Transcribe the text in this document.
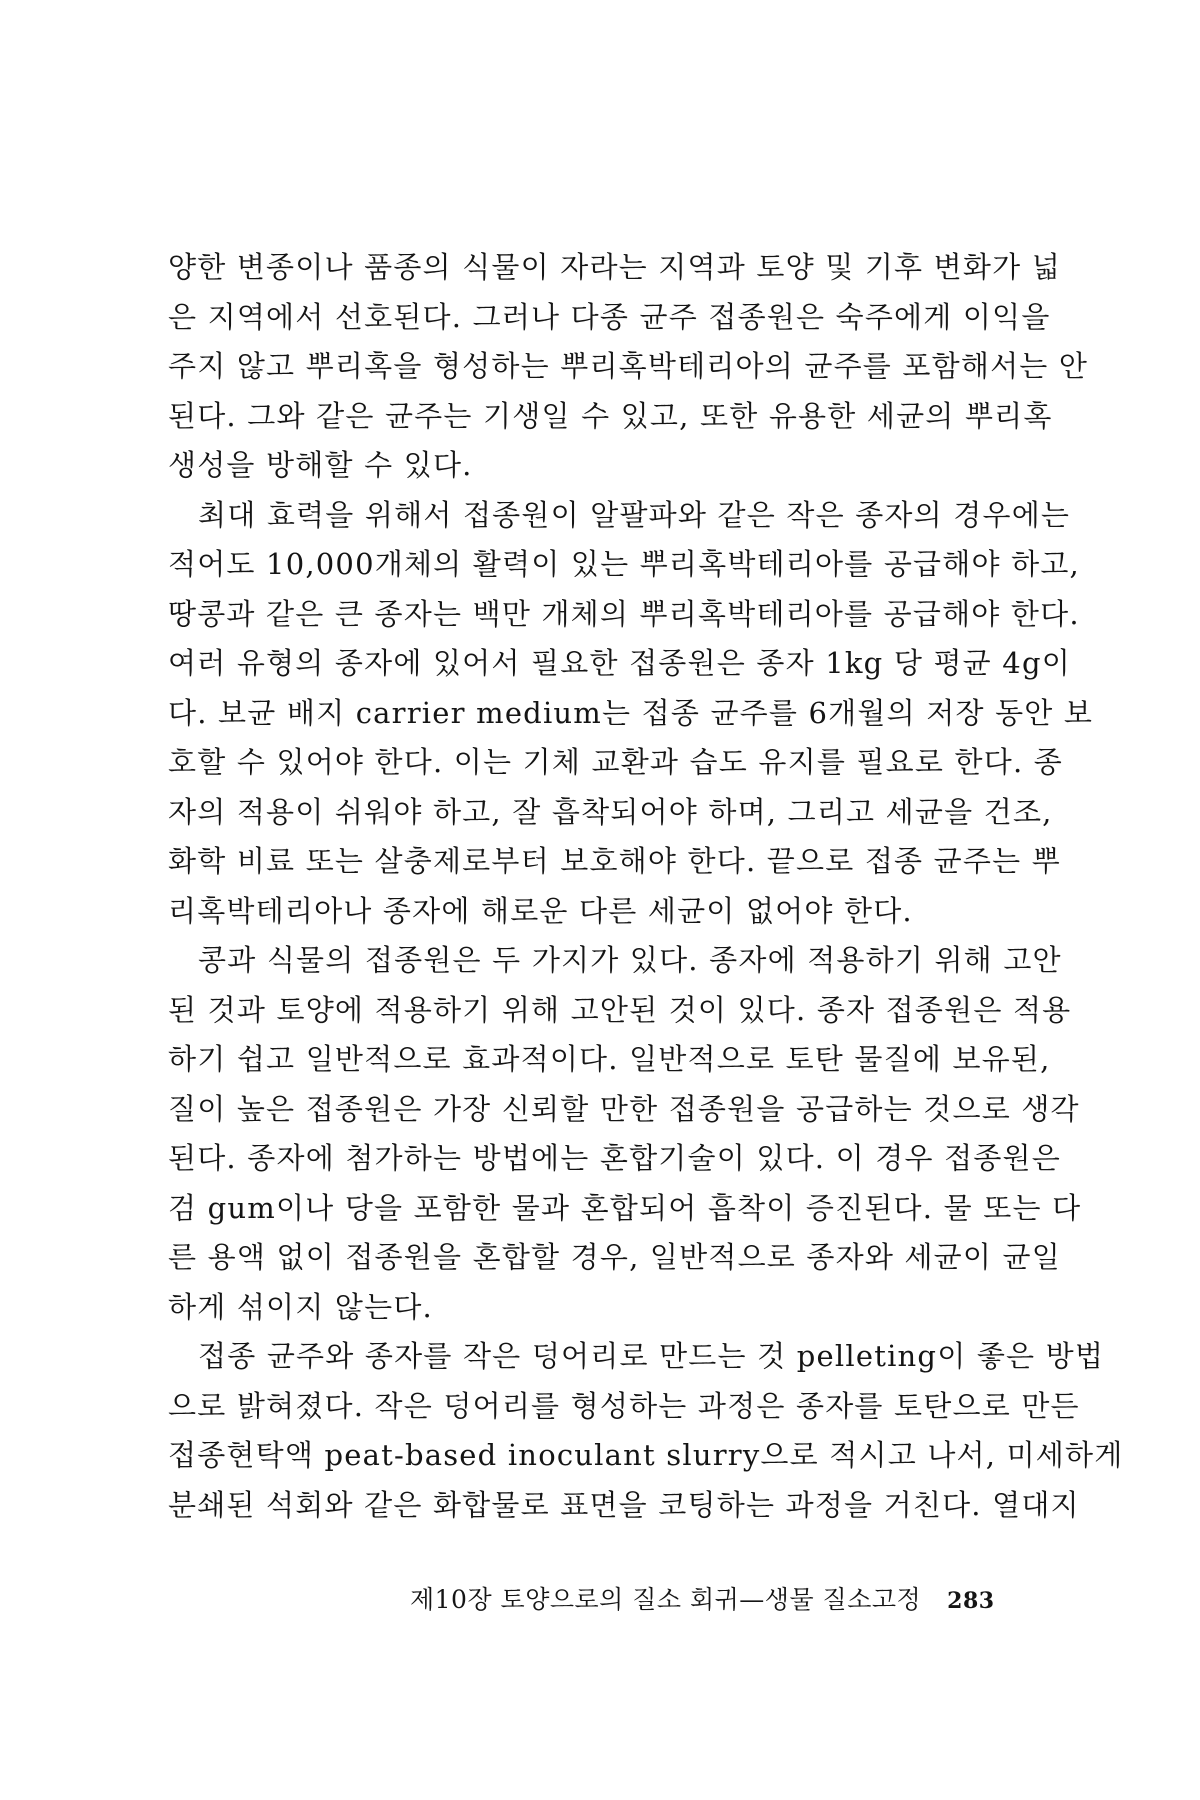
양한 변종이나 품종의 식물이 자라는 지역과 토양 및 기후 변화가 넓
은 지역에서 선호된다. 그러나 다종 균주 접종원은 숙주에게 이익을
주지 않고 뿌리혹을 형성하는 뿌리혹박테리아의 균주를 포함해서는 안
된다. 그와 같은 균주는 기생일 수 있고, 또한 유용한 세균의 뿌리혹
생성을 방해할 수 있다.
최대 효력을 위해서 접종원이 알팔파와 같은 작은 종자의 경우에는
적어도 10,000개체의 활력이 있는 뿌리혹박테리아를 공급해야 하고,
땅콩과 같은 큰 종자는 백만 개체의 뿌리혹박테리아를 공급해야 한다.
여러 유형의 종자에 있어서 필요한 접종원은 종자 1kg 당 평균 4g이
다. 보균 배지 carrier medium는 접종 균주를 6개월의 저장 동안 보
호할 수 있어야 한다. 이는 기체 교환과 습도 유지를 필요로 한다. 종
자의 적용이 쉬워야 하고, 잘 흡착되어야 하며, 그리고 세균을 건조,
화학 비료 또는 살충제로부터 보호해야 한다. 끝으로 접종 균주는 뿌
리혹박테리아나 종자에 해로운 다른 세균이 없어야 한다.
콩과 식물의 접종원은 두 가지가 있다. 종자에 적용하기 위해 고안
된 것과 토양에 적용하기 위해 고안된 것이 있다. 종자 접종원은 적용
하기 쉽고 일반적으로 효과적이다. 일반적으로 토탄 물질에 보유된,
질이 높은 접종원은 가장 신뢰할 만한 접종원을 공급하는 것으로 생각
된다. 종자에 첨가하는 방법에는 혼합기술이 있다. 이 경우 접종원은
검 gum이나 당을 포함한 물과 혼합되어 흡착이 증진된다. 물 또는 다
른 용액 없이 접종원을 혼합할 경우, 일반적으로 종자와 세균이 균일
하게 섞이지 않는다.
접종 균주와 종자를 작은 덩어리로 만드는 것 pelleting이 좋은 방법
으로 밝혀졌다. 작은 덩어리를 형성하는 과정은 종자를 토탄으로 만든
접종현탁액 peat-based inoculant slurry으로 적시고 나서, 미세하게
분쇄된 석회와 같은 화합물로 표면을 코팅하는 과정을 거친다. 열대지
제10장 토양으로의 질소 회귀—생물 질소고정 283
